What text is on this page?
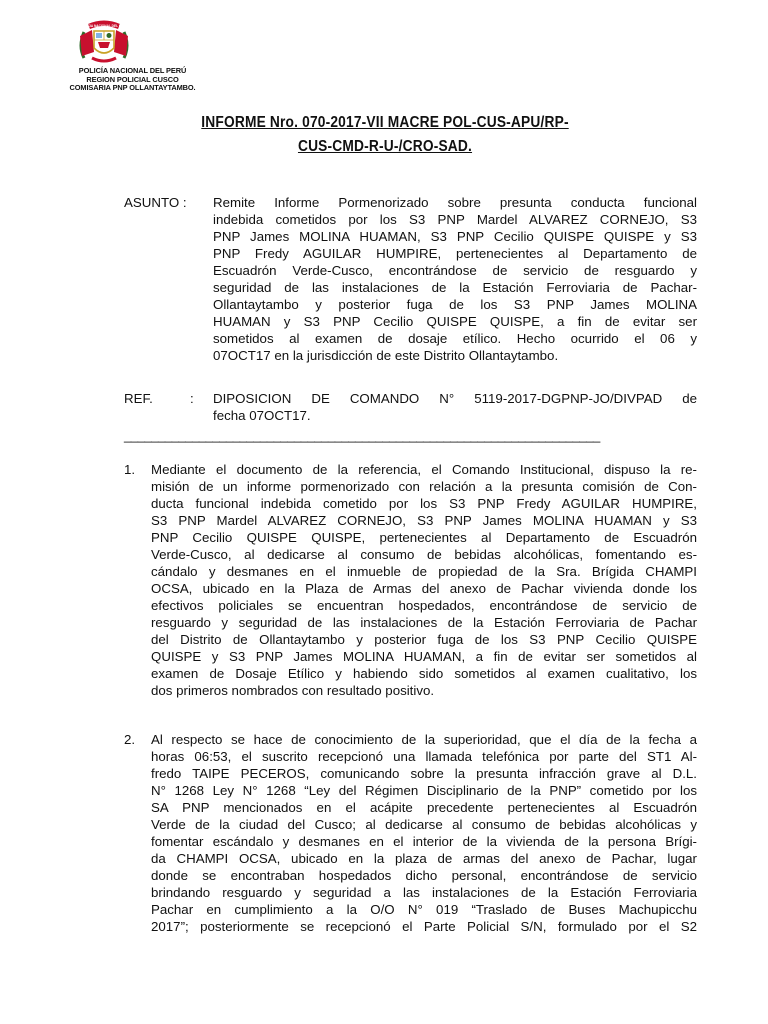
POLICIA NACIONAL DEL PERU
POLICÍA NACIONAL DEL PERÚ
REGION POLICIAL CUSCO
COMISARIA PNP OLLANTAYTAMBO.
INFORME Nro. 070-2017-VII MACRE POL-CUS-APU/RP-
CUS-CMD-R-U-/CRO-SAD.
ASUNTO : Remite Informe Pormenorizado sobre presunta conducta funcional
indebida cometidos por los S3 PNP Mardel ALVAREZ CORNEJO, S3
PNP James MOLINA HUAMAN, S3 PNP Cecilio QUISPE QUISPE y S3
PNP Fredy AGUILAR HUMPIRE, pertenecientes al Departamento de
Escuadrón Verde-Cusco, encontrándose de servicio de resguardo y
seguridad de las instalaciones de la Estación Ferroviaria de Pachar-
Ollantaytambo y posterior fuga de los S3 PNP James MOLINA
HUAMAN y S3 PNP Cecilio QUISPE QUISPE, a fin de evitar ser
sometidos al examen de dosaje etílico. Hecho ocurrido el 06 y
07OCT17 en la jurisdicción de este Distrito Ollantaytambo.
REF.	: DIPOSICION DE COMANDO N° 5119-2017-DGPNP-JO/DIVPAD de
fecha 07OCT17.
______________________________________________________________________
1. Mediante el documento de la referencia, el Comando Institucional, dispuso la re-
misión de un informe pormenorizado con relación a la presunta comisión de Con-
ducta funcional indebida cometido por los S3 PNP Fredy AGUILAR HUMPIRE,
S3 PNP Mardel ALVAREZ CORNEJO, S3 PNP James MOLINA HUAMAN y S3
PNP Cecilio QUISPE QUISPE, pertenecientes al Departamento de Escuadrón
Verde-Cusco, al dedicarse al consumo de bebidas alcohólicas, fomentando es-
cándalo y desmanes en el inmueble de propiedad de la Sra. Brígida CHAMPI
OCSA, ubicado en la Plaza de Armas del anexo de Pachar vivienda donde los
efectivos policiales se encuentran hospedados, encontrándose de servicio de
resguardo y seguridad de las instalaciones de la Estación Ferroviaria de Pachar
del Distrito de Ollantaytambo y posterior fuga de los S3 PNP Cecilio QUISPE
QUISPE y S3 PNP James MOLINA HUAMAN, a fin de evitar ser sometidos al
examen de Dosaje Etílico y habiendo sido sometidos al examen cualitativo, los
dos primeros nombrados con resultado positivo.
2. Al respecto se hace de conocimiento de la superioridad, que el día de la fecha a
horas 06:53, el suscrito recepcionó una llamada telefónica por parte del ST1 Al-
fredo TAIPE PECEROS, comunicando sobre la presunta infracción grave al D.L.
N° 1268 Ley N° 1268 “Ley del Régimen Disciplinario de la PNP” cometido por los
SA PNP mencionados en el acápite precedente pertenecientes al Escuadrón
Verde de la ciudad del Cusco; al dedicarse al consumo de bebidas alcohólicas y
fomentar escándalo y desmanes en el interior de la vivienda de la persona Brígi-
da CHAMPI OCSA, ubicado en la plaza de armas del anexo de Pachar, lugar
donde se encontraban hospedados dicho personal, encontrándose de servicio
brindando resguardo y seguridad a las instalaciones de la Estación Ferroviaria
Pachar en cumplimiento a la O/O N° 019 “Traslado de Buses Machupicchu
2017”; posteriormente se recepcionó el Parte Policial S/N, formulado por el S2
